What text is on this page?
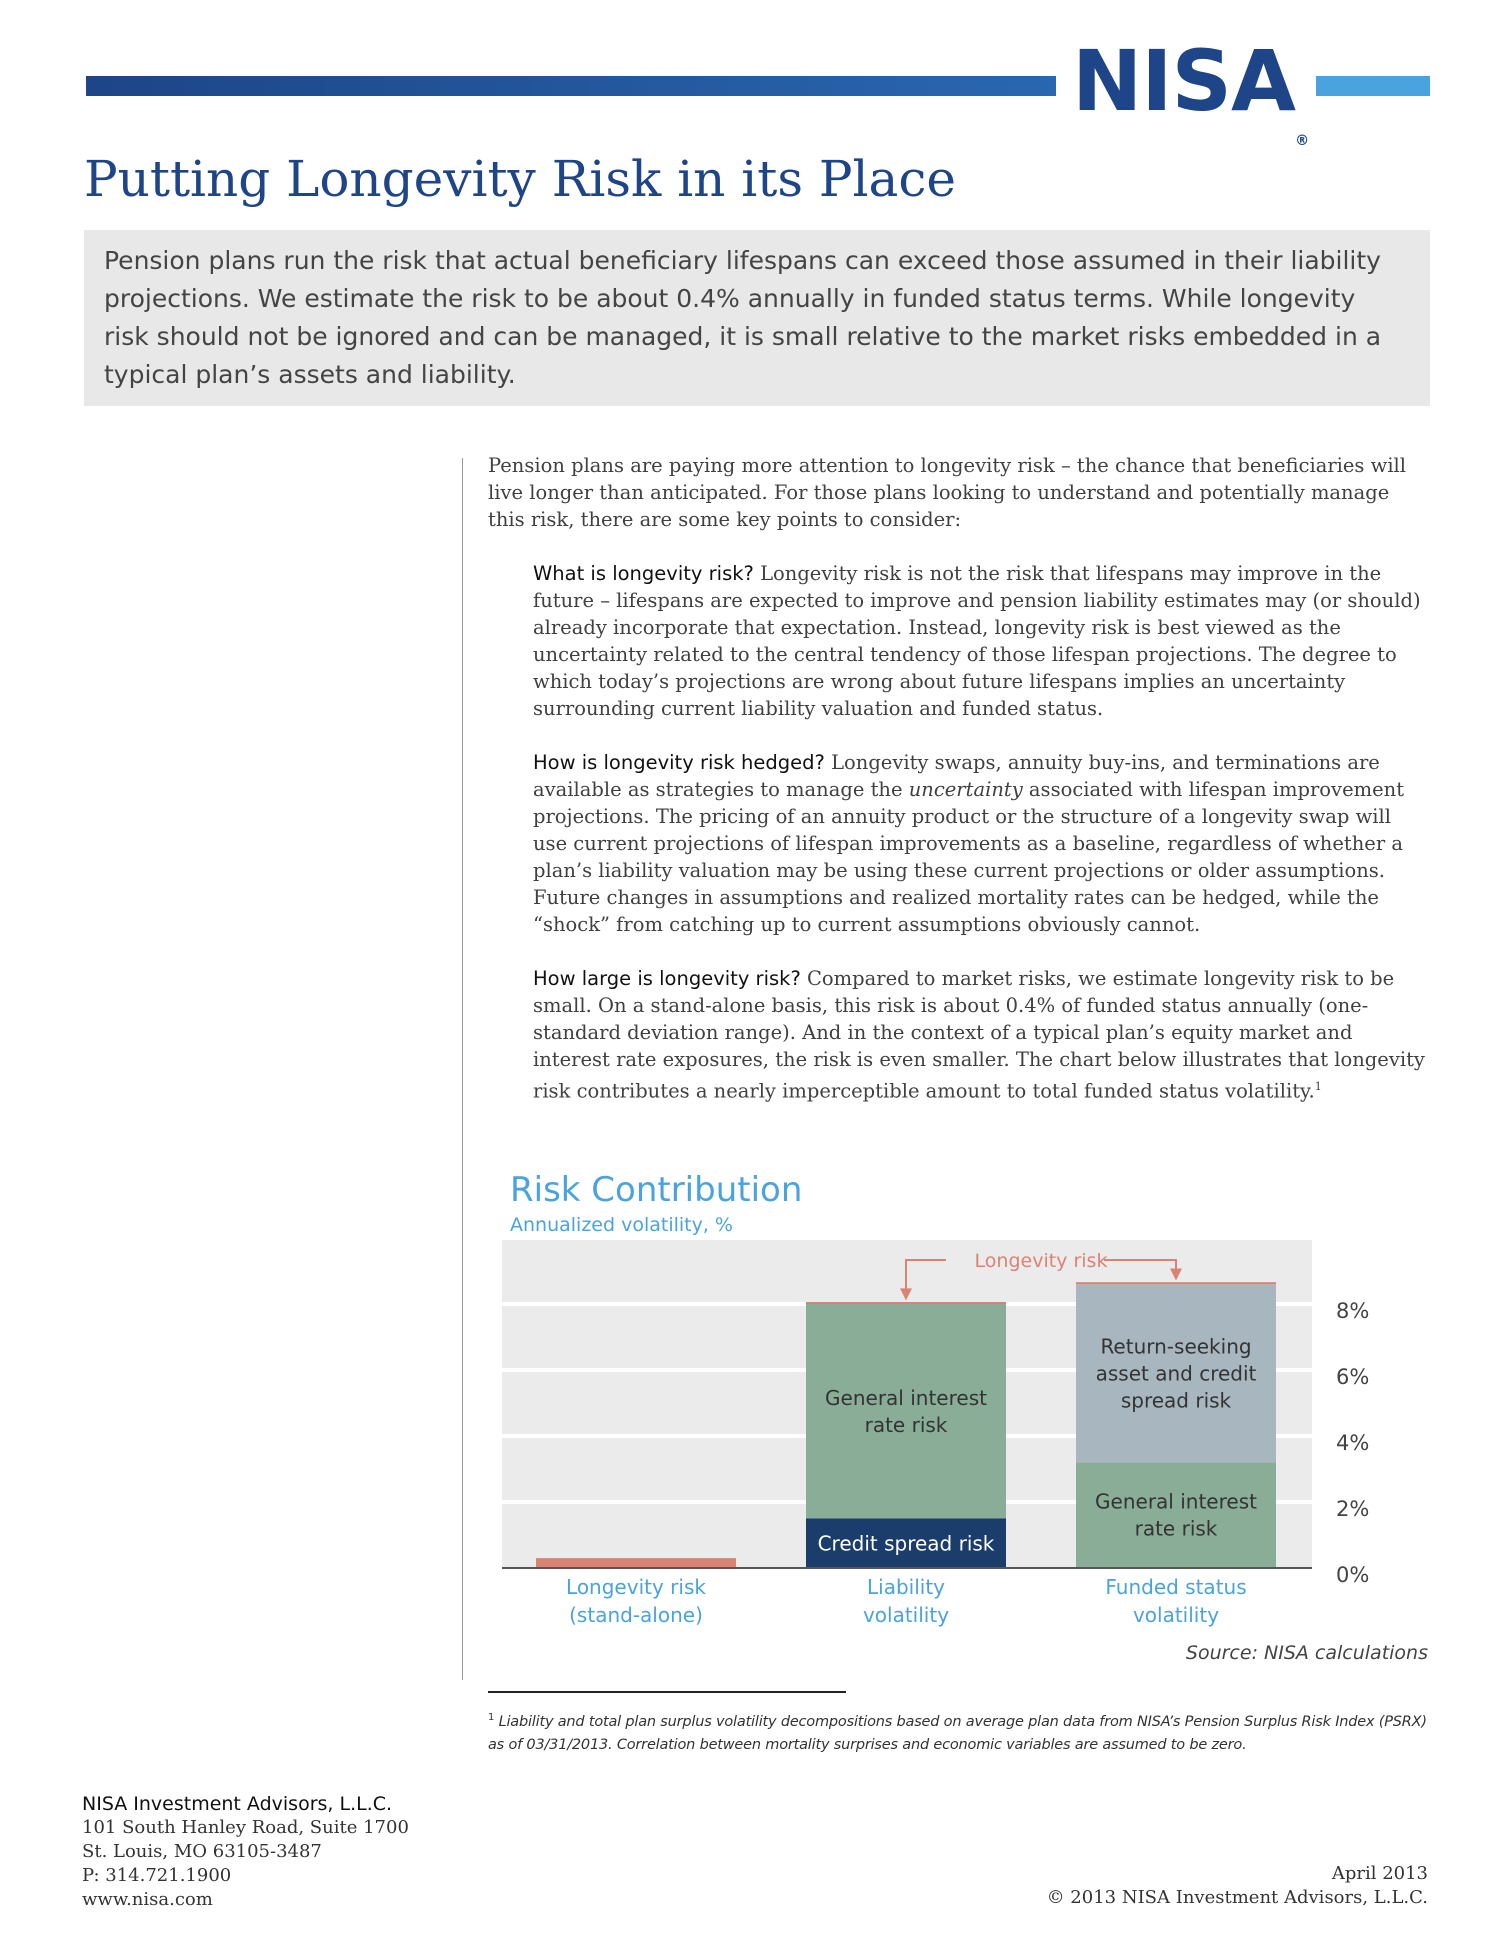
NISA®
Putting Longevity Risk in its Place

Pension plans run the risk that actual beneficiary lifespans can exceed those assumed in their liability projections. We estimate the risk to be about 0.4% annually in funded status terms. While longevity risk should not be ignored and can be managed, it is small relative to the market risks embedded in a typical plan’s assets and liability.

Pension plans are paying more attention to longevity risk – the chance that beneficiaries will live longer than anticipated. For those plans looking to understand and potentially manage this risk, there are some key points to consider:

What is longevity risk? Longevity risk is not the risk that lifespans may improve in the future – lifespans are expected to improve and pension liability estimates may (or should) already incorporate that expectation. Instead, longevity risk is best viewed as the uncertainty related to the central tendency of those lifespan projections. The degree to which today’s projections are wrong about future lifespans implies an uncertainty surrounding current liability valuation and funded status.

How is longevity risk hedged? Longevity swaps, annuity buy-ins, and terminations are available as strategies to manage the uncertainty associated with lifespan improvement projections. The pricing of an annuity product or the structure of a longevity swap will use current projections of lifespan improvements as a baseline, regardless of whether a plan’s liability valuation may be using these current projections or older assumptions. Future changes in assumptions and realized mortality rates can be hedged, while the “shock” from catching up to current assumptions obviously cannot.

How large is longevity risk? Compared to market risks, we estimate longevity risk to be small. On a stand-alone basis, this risk is about 0.4% of funded status annually (one-standard deviation range). And in the context of a typical plan’s equity market and interest rate exposures, the risk is even smaller. The chart below illustrates that longevity risk contributes a nearly imperceptible amount to total funded status volatility.$^1$

Risk Contribution
Annualized volatility, %
0%
2%
4%
6%
8%
Credit spread risk
General interest
rate risk
General interest
rate risk
Return-seeking
asset and credit
spread risk
Longevity risk
(stand-alone)
Liability
volatility
Funded status
volatility
Longevity risk
Source: NISA calculations
$^1$ Liability and total plan surplus volatility decompositions based on average plan data from NISA’s Pension Surplus Risk Index (PSRX) as of 03/31/2013. Correlation between mortality surprises and economic variables are assumed to be zero.
NISA Investment Advisors, L.L.C.
101 South Hanley Road, Suite 1700
St. Louis, MO 63105-3487
P: 314.721.1900
www.nisa.com
April 2013
© 2013 NISA Investment Advisors, L.L.C.
